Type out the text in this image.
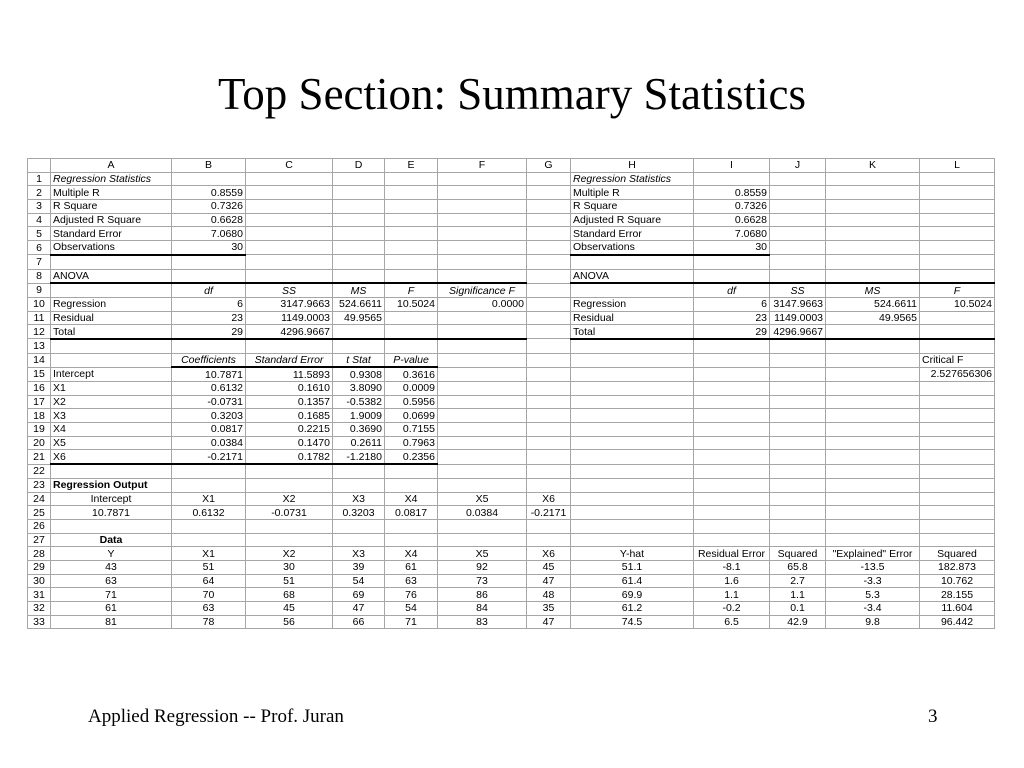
Top Section: Summary Statistics
	A	B	C	D	E	F	G	H	I	J	K	L
1	Regression Statistics							Regression Statistics				
2	Multiple R	0.8559						Multiple R	0.8559			
3	R Square	0.7326						R Square	0.7326			
4	Adjusted R Square	0.6628						Adjusted R Square	0.6628			
5	Standard Error	7.0680						Standard Error	7.0680			
6	Observations	30						Observations	30			
7												
8	ANOVA							ANOVA				
9		df	SS	MS	F	Significance F			df	SS	MS	F
10	Regression	6	3147.9663	524.6611	10.5024	0.0000		Regression	6	3147.9663	524.6611	10.5024
11	Residual	23	1149.0003	49.9565				Residual	23	1149.0003	49.9565	
12	Total	29	4296.9667					Total	29	4296.9667		
13												
14		Coefficients	Standard Error	t Stat	P-value							Critical F
15	Intercept	10.7871	11.5893	0.9308	0.3616							2.527656306
16	X1	0.6132	0.1610	3.8090	0.0009							
17	X2	-0.0731	0.1357	-0.5382	0.5956							
18	X3	0.3203	0.1685	1.9009	0.0699							
19	X4	0.0817	0.2215	0.3690	0.7155							
20	X5	0.0384	0.1470	0.2611	0.7963							
21	X6	-0.2171	0.1782	-1.2180	0.2356							
22												
23	Regression Output											
24	Intercept	X1	X2	X3	X4	X5	X6					
25	10.7871	0.6132	-0.0731	0.3203	0.0817	0.0384	-0.2171					
26												
27	Data											
28	Y	X1	X2	X3	X4	X5	X6	Y-hat	Residual Error	Squared	"Explained" Error	Squared
29	43	51	30	39	61	92	45	51.1	-8.1	65.8	-13.5	182.873
30	63	64	51	54	63	73	47	61.4	1.6	2.7	-3.3	10.762
31	71	70	68	69	76	86	48	69.9	1.1	1.1	5.3	28.155
32	61	63	45	47	54	84	35	61.2	-0.2	0.1	-3.4	11.604
33	81	78	56	66	71	83	47	74.5	6.5	42.9	9.8	96.442
Applied Regression -- Prof. Juran	3
